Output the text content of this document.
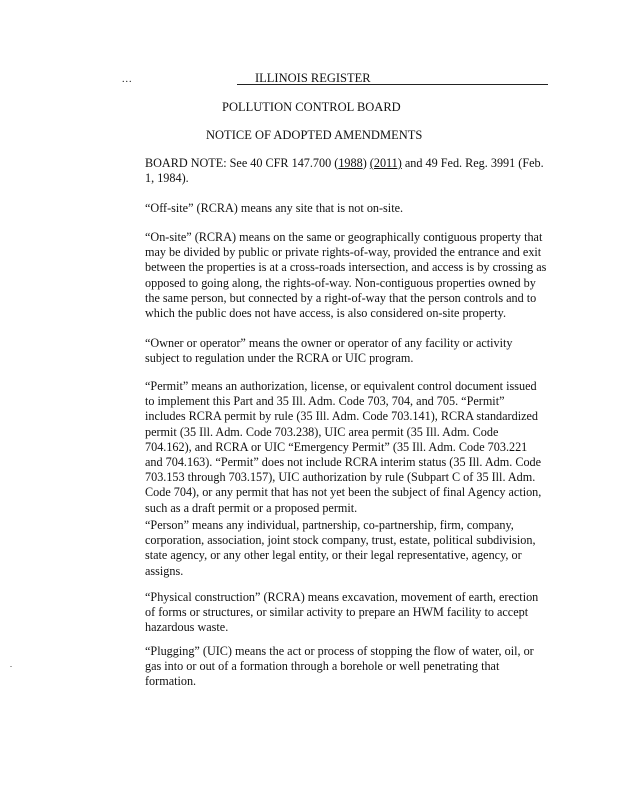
...	ILLINOIS REGISTER
POLLUTION CONTROL BOARD
NOTICE OF ADOPTED AMENDMENTS
BOARD NOTE: See 40 CFR 147.700 (1988) (2011) and 49 Fed. Reg. 3991 (Feb.
1, 1984).
“Off-site” (RCRA) means any site that is not on-site.
“On-site” (RCRA) means on the same or geographically contiguous property that
may be divided by public or private rights-of-way, provided the entrance and exit
between the properties is at a cross-roads intersection, and access is by crossing as
opposed to going along, the rights-of-way. Non-contiguous properties owned by
the same person, but connected by a right-of-way that the person controls and to
which the public does not have access, is also considered on-site property.
“Owner or operator” means the owner or operator of any facility or activity
subject to regulation under the RCRA or UIC program.
“Permit” means an authorization, license, or equivalent control document issued
to implement this Part and 35 Ill. Adm. Code 703, 704, and 705. “Permit”
includes RCRA permit by rule (35 Ill. Adm. Code 703.141), RCRA standardized
permit (35 Ill. Adm. Code 703.238), UIC area permit (35 Ill. Adm. Code
704.162), and RCRA or UIC “Emergency Permit” (35 Ill. Adm. Code 703.221
and 704.163). “Permit” does not include RCRA interim status (35 Ill. Adm. Code
703.153 through 703.157), UIC authorization by rule (Subpart C of 35 Ill. Adm.
Code 704), or any permit that has not yet been the subject of final Agency action,
such as a draft permit or a proposed permit.
“Person” means any individual, partnership, co-partnership, firm, company,
corporation, association, joint stock company, trust, estate, political subdivision,
state agency, or any other legal entity, or their legal representative, agency, or
assigns.
“Physical construction” (RCRA) means excavation, movement of earth, erection
of forms or structures, or similar activity to prepare an HWM facility to accept
hazardous waste.
“Plugging” (UIC) means the act or process of stopping the flow of water, oil, or
gas into or out of a formation through a borehole or well penetrating that
formation.
.
